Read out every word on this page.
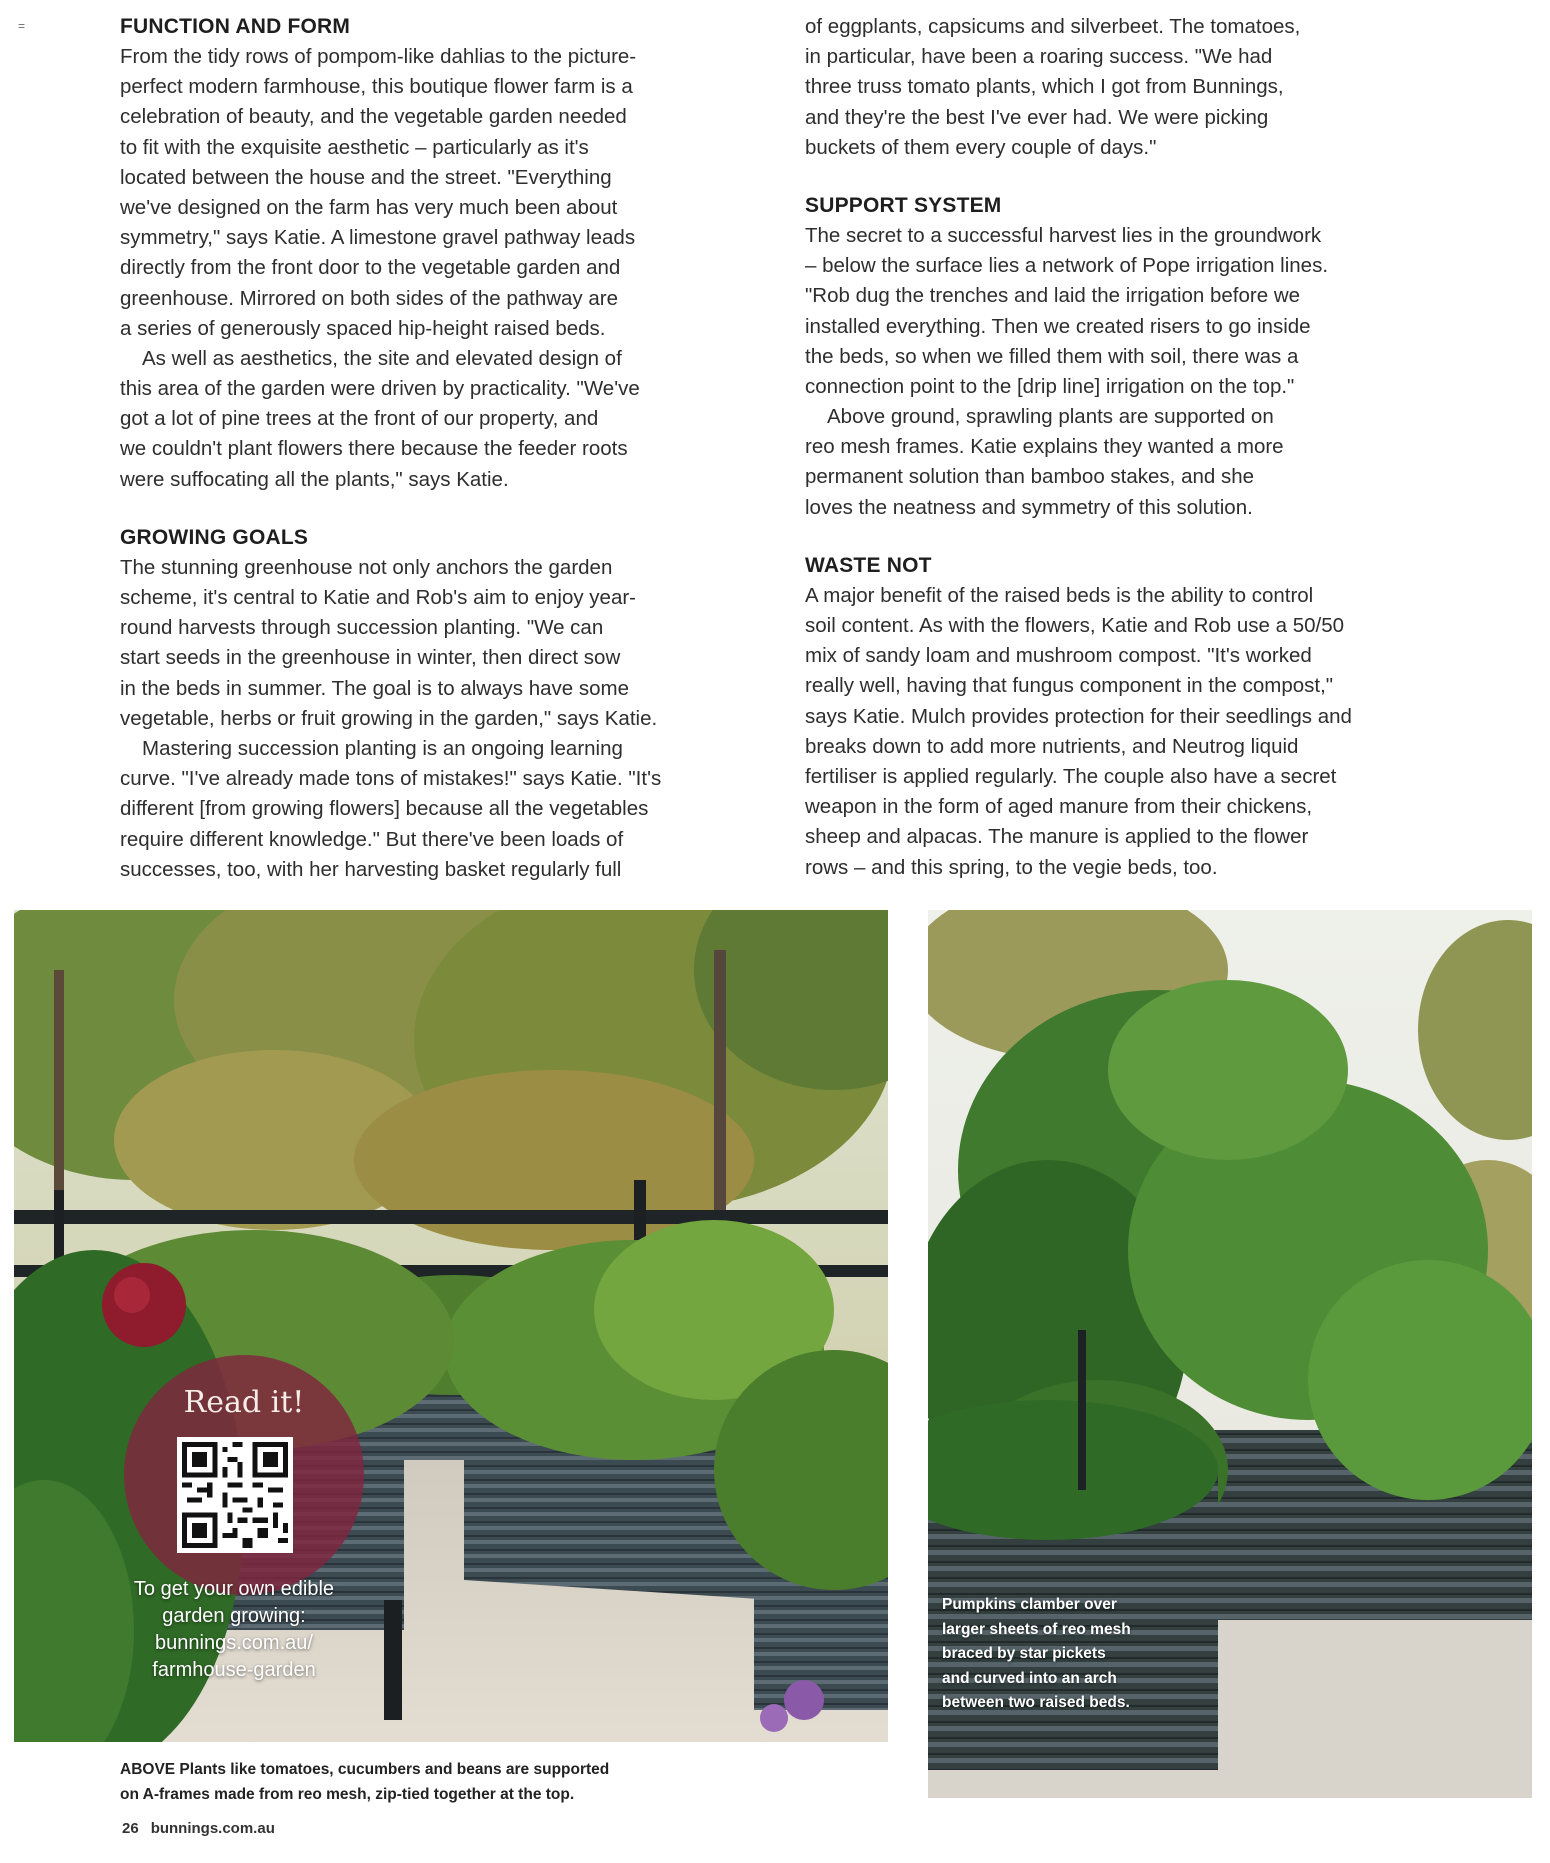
=	FUNCTION AND FORM
From the tidy rows of pompom-like dahlias to the picture-
perfect modern farmhouse, this boutique flower farm is a
celebration of beauty, and the vegetable garden needed
to fit with the exquisite aesthetic – particularly as it's
located between the house and the street. "Everything
we've designed on the farm has very much been about
symmetry," says Katie. A limestone gravel pathway leads
directly from the front door to the vegetable garden and
greenhouse. Mirrored on both sides of the pathway are
a series of generously spaced hip-height raised beds.
As well as aesthetics, the site and elevated design of
this area of the garden were driven by practicality. "We've
got a lot of pine trees at the front of our property, and
we couldn't plant flowers there because the feeder roots
were suffocating all the plants," says Katie.
GROWING GOALS
The stunning greenhouse not only anchors the garden
scheme, it's central to Katie and Rob's aim to enjoy year-
round harvests through succession planting. "We can
start seeds in the greenhouse in winter, then direct sow
in the beds in summer. The goal is to always have some
vegetable, herbs or fruit growing in the garden," says Katie.
Mastering succession planting is an ongoing learning
curve. "I've already made tons of mistakes!" says Katie. "It's
different [from growing flowers] because all the vegetables
require different knowledge." But there've been loads of
successes, too, with her harvesting basket regularly full
of eggplants, capsicums and silverbeet. The tomatoes,
in particular, have been a roaring success. "We had
three truss tomato plants, which I got from Bunnings,
and they're the best I've ever had. We were picking
buckets of them every couple of days."
SUPPORT SYSTEM
The secret to a successful harvest lies in the groundwork
– below the surface lies a network of Pope irrigation lines.
"Rob dug the trenches and laid the irrigation before we
installed everything. Then we created risers to go inside
the beds, so when we filled them with soil, there was a
connection point to the [drip line] irrigation on the top."
Above ground, sprawling plants are supported on
reo mesh frames. Katie explains they wanted a more
permanent solution than bamboo stakes, and she
loves the neatness and symmetry of this solution.
WASTE NOT
A major benefit of the raised beds is the ability to control
soil content. As with the flowers, Katie and Rob use a 50/50
mix of sandy loam and mushroom compost. "It's worked
really well, having that fungus component in the compost,"
says Katie. Mulch provides protection for their seedlings and
breaks down to add more nutrients, and Neutrog liquid
fertiliser is applied regularly. The couple also have a secret
weapon in the form of aged manure from their chickens,
sheep and alpacas. The manure is applied to the flower
rows – and this spring, to the vegie beds, too.
Read it!
To get your own edible
garden growing:
bunnings.com.au/
farmhouse-garden
Pumpkins clamber over
larger sheets of reo mesh
braced by star pickets
and curved into an arch
between two raised beds.
ABOVE Plants like tomatoes, cucumbers and beans are supported
on A-frames made from reo mesh, zip-tied together at the top.
26 bunnings.com.au
